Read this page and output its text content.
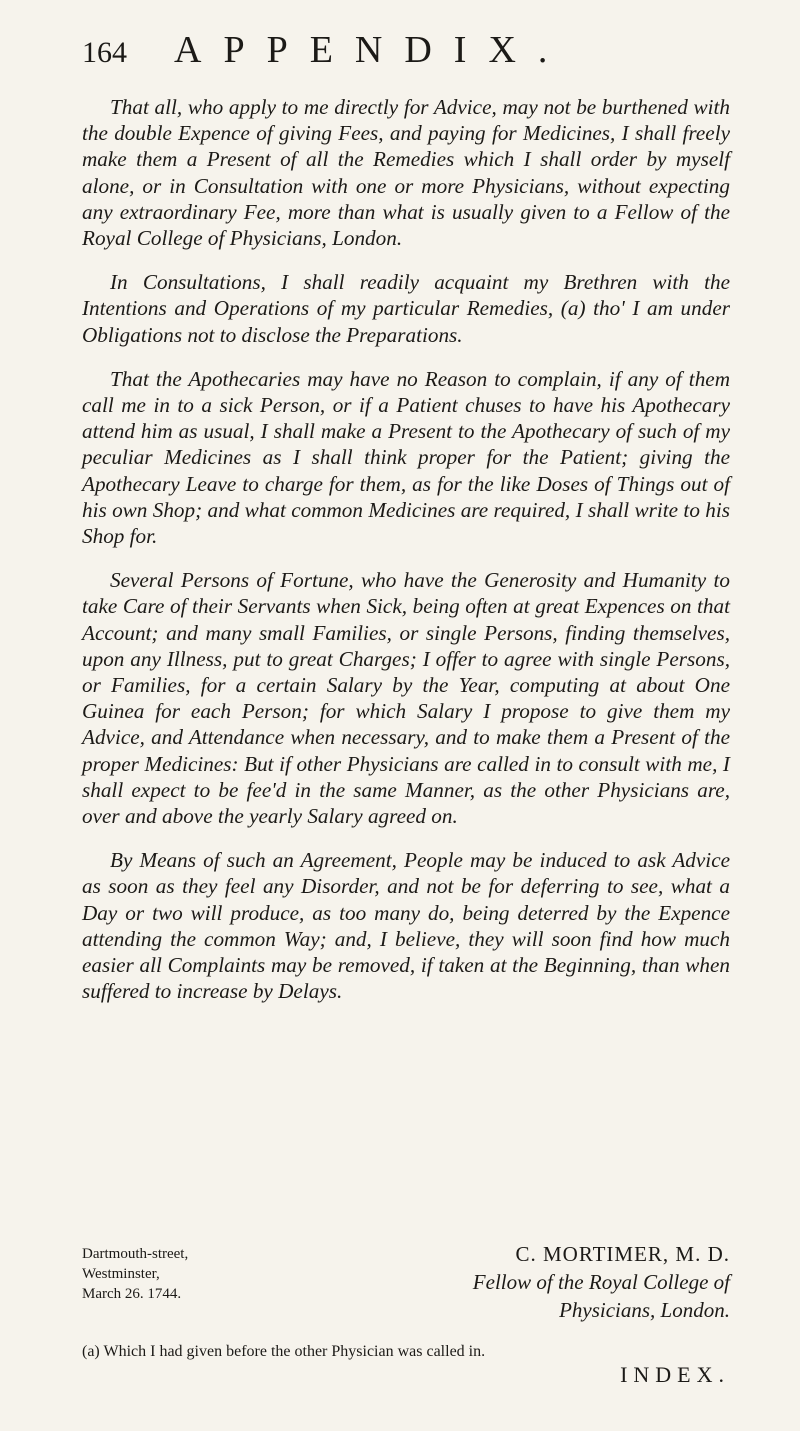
164 APPENDIX.

That all, who apply to me directly for Advice, may not be burthened with the double Expence of giving Fees, and paying for Medicines, I shall freely make them a Present of all the Remedies which I shall order by myself alone, or in Consultation with one or more Physicians, without expecting any extraordinary Fee, more than what is usually given to a Fellow of the Royal College of Physicians, London.

In Consultations, I shall readily acquaint my Brethren with the Intentions and Operations of my particular Remedies, (a) tho' I am under Obligations not to disclose the Preparations.

That the Apothecaries may have no Reason to complain, if any of them call me in to a sick Person, or if a Patient chuses to have his Apothecary attend him as usual, I shall make a Present to the Apothecary of such of my peculiar Medicines as I shall think proper for the Patient; giving the Apothecary Leave to charge for them, as for the like Doses of Things out of his own Shop; and what common Medicines are required, I shall write to his Shop for.

Several Persons of Fortune, who have the Generosity and Humanity to take Care of their Servants when Sick, being often at great Expences on that Account; and many small Families, or single Persons, finding themselves, upon any Illness, put to great Charges; I offer to agree with single Persons, or Families, for a certain Salary by the Year, computing at about One Guinea for each Person; for which Salary I propose to give them my Advice, and Attendance when necessary, and to make them a Present of the proper Medicines: But if other Physicians are called in to consult with me, I shall expect to be fee'd in the same Manner, as the other Physicians are, over and above the yearly Salary agreed on.

By Means of such an Agreement, People may be induced to ask Advice as soon as they feel any Disorder, and not be for deferring to see, what a Day or two will produce, as too many do, being deterred by the Expence attending the common Way; and, I believe, they will soon find how much easier all Complaints may be removed, if taken at the Beginning, than when suffered to increase by Delays.

Dartmouth-street,
Westminster,
March 26. 1744.
C. MORTIMER, M. D.
Fellow of the Royal College of
Physicians, London.
(a) Which I had given before the other Physician was called in.
INDEX.
